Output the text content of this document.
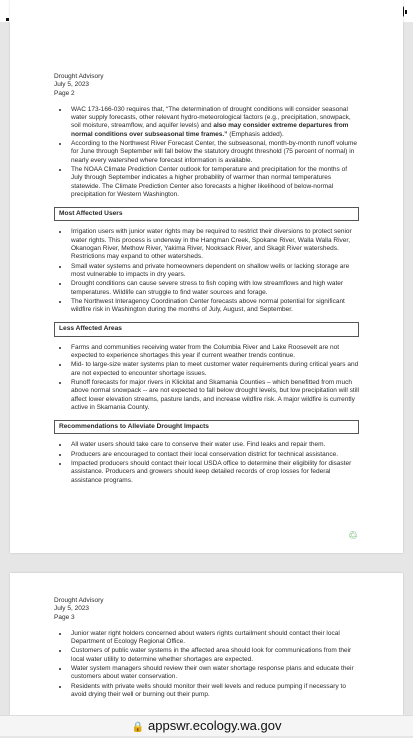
Drought Advisory

July 5, 2023

Page 2

• WAC 173-166-030 requires that, “The determination of drought conditions will consider seasonal water supply forecasts, other relevant hydro-meteorological factors (e.g., precipitation, snowpack, soil moisture, streamflow, and aquifer levels) and also may consider extreme departures from normal conditions over subseasonal time frames.” (Emphasis added).
• According to the Northwest River Forecast Center, the subseasonal, month-by-month runoff volume for June through September will fall below the statutory drought threshold (75 percent of normal) in nearly every watershed where forecast information is available.
• The NOAA Climate Prediction Center outlook for temperature and precipitation for the months of July through September indicates a higher probability of warmer than normal temperatures statewide. The Climate Prediction Center also forecasts a higher likelihood of below-normal precipitation for Western Washington.
Most Affected Users
• Irrigation users with junior water rights may be required to restrict their diversions to protect senior water rights. This process is underway in the Hangman Creek, Spokane River, Walla Walla River, Okanogan River, Methow River, Yakima River, Nooksack River, and Skagit River watersheds. Restrictions may expand to other watersheds.
• Small water systems and private homeowners dependent on shallow wells or lacking storage are most vulnerable to impacts in dry years.
• Drought conditions can cause severe stress to fish coping with low streamflows and high water temperatures. Wildlife can struggle to find water sources and forage.
• The Northwest Interagency Coordination Center forecasts above normal potential for significant wildfire risk in Washington during the months of July, August, and September.
Less Affected Areas
• Farms and communities receiving water from the Columbia River and Lake Roosevelt are not expected to experience shortages this year if current weather trends continue.
• Mid- to large-size water systems plan to meet customer water requirements during critical years and are not expected to encounter shortage issues.
• Runoff forecasts for major rivers in Klickitat and Skamania Counties – which benefitted from much above normal snowpack -- are not expected to fall below drought levels, but low precipitation will still affect lower elevation streams, pasture lands, and increase wildfire risk. A major wildfire is currently active in Skamania County.
Recommendations to Alleviate Drought Impacts
• All water users should take care to conserve their water use. Find leaks and repair them.
• Producers are encouraged to contact their local conservation district for technical assistance.
• Impacted producers should contact their local USDA office to determine their eligibility for disaster assistance. Producers and growers should keep detailed records of crop losses for federal assistance programs.
♲

Drought Advisory

July 5, 2023

Page 3

• Junior water right holders concerned about waters rights curtailment should contact their local Department of Ecology Regional Office.
• Customers of public water systems in the affected area should look for communications from their local water utility to determine whether shortages are expected.
• Water system managers should review their own water shortage response plans and educate their customers about water conservation.
• Residents with private wells should monitor their well levels and reduce pumping if necessary to avoid drying their well or burning out their pump.
🔒 appswr.ecology.wa.gov
